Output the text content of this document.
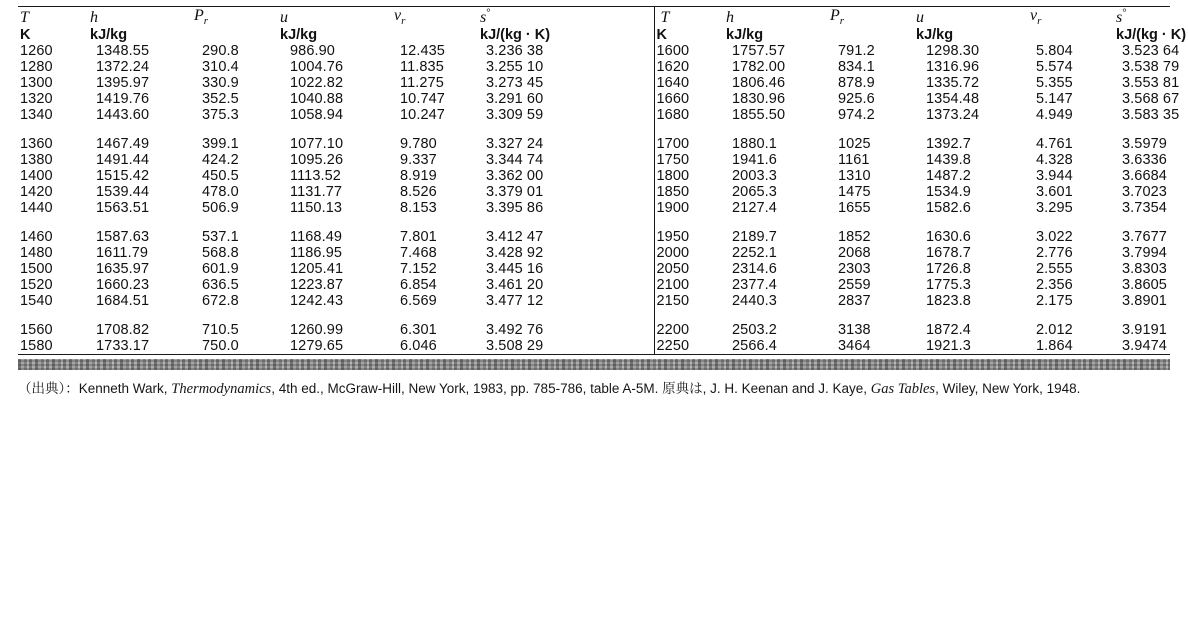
T	h	$P_r$	u	$v_r$	s°		T	h	$P_r$	u	$v_r$	s°
K	kJ/kg		kJ/kg		kJ/(kg · K)		K	kJ/kg		kJ/kg		kJ/(kg · K)
1260	1348.55	290.8	986.90	12.435	3.236 38		1600	1757.57	791.2	1298.30	5.804	3.523 64
1280	1372.24	310.4	1004.76	11.835	3.255 10		1620	1782.00	834.1	1316.96	5.574	3.538 79
1300	1395.97	330.9	1022.82	11.275	3.273 45		1640	1806.46	878.9	1335.72	5.355	3.553 81
1320	1419.76	352.5	1040.88	10.747	3.291 60		1660	1830.96	925.6	1354.48	5.147	3.568 67
1340	1443.60	375.3	1058.94	10.247	3.309 59		1680	1855.50	974.2	1373.24	4.949	3.583 35
1360	1467.49	399.1	1077.10	9.780	3.327 24		1700	1880.1	1025	1392.7	4.761	3.5979
1380	1491.44	424.2	1095.26	9.337	3.344 74		1750	1941.6	1161	1439.8	4.328	3.6336
1400	1515.42	450.5	1113.52	8.919	3.362 00		1800	2003.3	1310	1487.2	3.944	3.6684
1420	1539.44	478.0	1131.77	8.526	3.379 01		1850	2065.3	1475	1534.9	3.601	3.7023
1440	1563.51	506.9	1150.13	8.153	3.395 86		1900	2127.4	1655	1582.6	3.295	3.7354
1460	1587.63	537.1	1168.49	7.801	3.412 47		1950	2189.7	1852	1630.6	3.022	3.7677
1480	1611.79	568.8	1186.95	7.468	3.428 92		2000	2252.1	2068	1678.7	2.776	3.7994
1500	1635.97	601.9	1205.41	7.152	3.445 16		2050	2314.6	2303	1726.8	2.555	3.8303
1520	1660.23	636.5	1223.87	6.854	3.461 20		2100	2377.4	2559	1775.3	2.356	3.8605
1540	1684.51	672.8	1242.43	6.569	3.477 12		2150	2440.3	2837	1823.8	2.175	3.8901
1560	1708.82	710.5	1260.99	6.301	3.492 76		2200	2503.2	3138	1872.4	2.012	3.9191
1580	1733.17	750.0	1279.65	6.046	3.508 29		2250	2566.4	3464	1921.3	1.864	3.9474
（出典）：Kenneth Wark, Thermodynamics, 4th ed., McGraw-Hill, New York, 1983, pp. 785-786, table A-5M. 原典は, J. H. Keenan and J. Kaye, Gas Tables, Wiley, New York, 1948.
